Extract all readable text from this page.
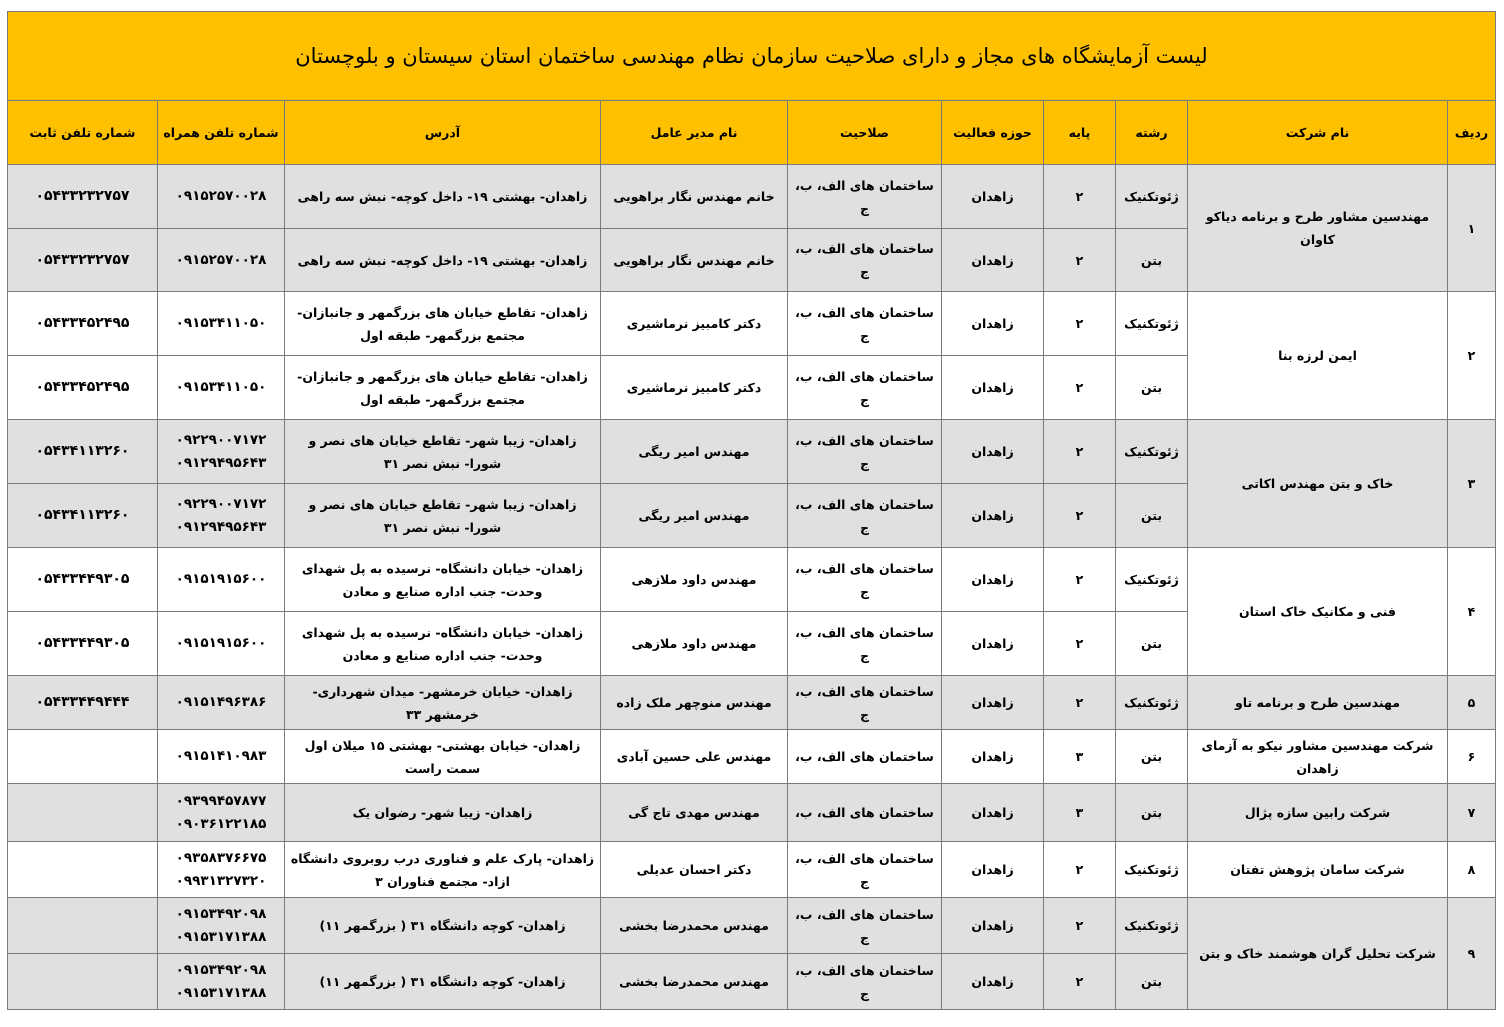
لیست آزمایشگاه های مجاز و دارای صلاحیت سازمان نظام مهندسی ساختمان استان سیستان و بلوچستان									
ردیف	نام شرکت	رشته	پایه	حوزه فعالیت	صلاحیت	نام مدیر عامل	آدرس	شماره تلفن همراه	شماره تلفن ثابت
۱	مهندسین مشاور طرح و برنامه دیاکو کاوان	ژئوتکنیک	۲	زاهدان	ساختمان های الف، ب، ج	خانم مهندس نگار براهویی	زاهدان- بهشتی ۱۹- داخل کوچه- نبش سه راهی	۰۹۱۵۲۵۷۰۰۲۸	۰۵۴۳۳۲۳۲۷۵۷
		بتن	۲	زاهدان	ساختمان های الف، ب، ج	خانم مهندس نگار براهویی	زاهدان- بهشتی ۱۹- داخل کوچه- نبش سه راهی	۰۹۱۵۲۵۷۰۰۲۸	۰۵۴۳۳۲۳۲۷۵۷
۲	ایمن لرزه بنا	ژئوتکنیک	۲	زاهدان	ساختمان های الف، ب، ج	دکتر کامبیز نرماشیری	زاهدان- تقاطع خیابان های بزرگمهر و جانبازان- مجتمع بزرگمهر- طبقه اول	۰۹۱۵۳۴۱۱۰۵۰	۰۵۴۳۳۴۵۲۴۹۵
		بتن	۲	زاهدان	ساختمان های الف، ب، ج	دکتر کامبیز نرماشیری	زاهدان- تقاطع خیابان های بزرگمهر و جانبازان- مجتمع بزرگمهر- طبقه اول	۰۹۱۵۳۴۱۱۰۵۰	۰۵۴۳۳۴۵۲۴۹۵
۳	خاک و بتن مهندس اکاتی	ژئوتکنیک	۲	زاهدان	ساختمان های الف، ب، ج	مهندس امیر ریگی	زاهدان- زیبا شهر- تقاطع خیابان های نصر و شورا- نبش نصر ۳۱	۰۹۲۲۹۰۰۷۱۷۲ ۰۹۱۲۹۴۹۵۶۴۳	۰۵۴۳۴۱۱۳۲۶۰
		بتن	۲	زاهدان	ساختمان های الف، ب، ج	مهندس امیر ریگی	زاهدان- زیبا شهر- تقاطع خیابان های نصر و شورا- نبش نصر ۳۱	۰۹۲۲۹۰۰۷۱۷۲ ۰۹۱۲۹۴۹۵۶۴۳	۰۵۴۳۴۱۱۳۲۶۰
۴	فنی و مکانیک خاک استان	ژئوتکنیک	۲	زاهدان	ساختمان های الف، ب، ج	مهندس داود ملازهی	زاهدان- خیابان دانشگاه- نرسیده به پل شهدای وحدت- جنب اداره صنایع و معادن	۰۹۱۵۱۹۱۵۶۰۰	۰۵۴۳۳۴۴۹۳۰۵
		بتن	۲	زاهدان	ساختمان های الف، ب، ج	مهندس داود ملازهی	زاهدان- خیابان دانشگاه- نرسیده به پل شهدای وحدت- جنب اداره صنایع و معادن	۰۹۱۵۱۹۱۵۶۰۰	۰۵۴۳۳۴۴۹۳۰۵
۵	مهندسین طرح و برنامه تاو	ژئوتکنیک	۲	زاهدان	ساختمان های الف، ب، ج	مهندس منوچهر ملک زاده	زاهدان- خیابان خرمشهر- میدان شهرداری- خرمشهر ۳۳	۰۹۱۵۱۴۹۶۳۸۶	۰۵۴۳۳۴۴۹۴۴۴
۶	شرکت مهندسین مشاور نیکو به آزمای زاهدان	بتن	۳	زاهدان	ساختمان های الف، ب،	مهندس علی حسین آبادی	زاهدان- خیابان بهشتی- بهشتی ۱۵ میلان اول سمت راست	۰۹۱۵۱۴۱۰۹۸۳	
۷	شرکت رابین سازه پژال	بتن	۳	زاهدان	ساختمان های الف، ب،	مهندس مهدی تاج گی	زاهدان- زیبا شهر- رضوان یک	۰۹۳۹۹۴۵۷۸۷۷ ۰۹۰۳۶۱۲۲۱۸۵	
۸	شرکت سامان پژوهش تفتان	ژئوتکنیک	۲	زاهدان	ساختمان های الف، ب، ج	دکتر احسان عدیلی	زاهدان- پارک علم و فناوری درب روبروی دانشگاه ازاد- مجتمع فناوران ۳	۰۹۳۵۸۳۷۶۶۷۵ ۰۹۹۳۱۳۲۷۳۲۰	
۹	شرکت تحلیل گران هوشمند خاک و بتن	ژئوتکنیک	۲	زاهدان	ساختمان های الف، ب، ج	مهندس محمدرضا بخشی	زاهدان- کوچه دانشگاه ۳۱ ( بزرگمهر ۱۱)	۰۹۱۵۳۴۹۲۰۹۸ ۰۹۱۵۳۱۷۱۳۸۸	
		بتن	۲	زاهدان	ساختمان های الف، ب، ج	مهندس محمدرضا بخشی	زاهدان- کوچه دانشگاه ۳۱ ( بزرگمهر ۱۱)	۰۹۱۵۳۴۹۲۰۹۸ ۰۹۱۵۳۱۷۱۳۸۸	
